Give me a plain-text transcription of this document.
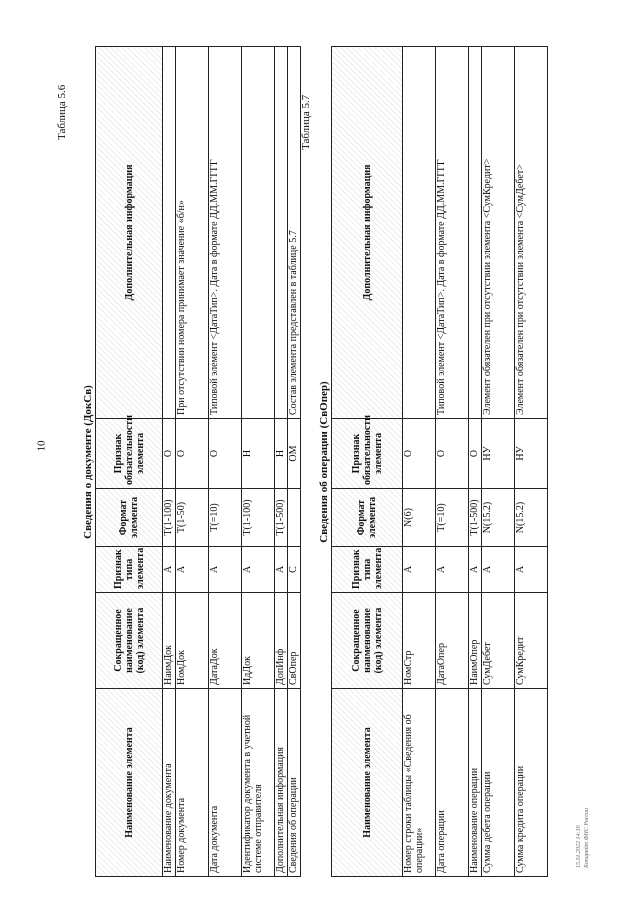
10
Таблица 5.6
Сведения о документе (ДокСв)
Наименование элемента	Сокращенное наименование (код) элемента	Признак типа элемента	Формат элемента	Признак обязательности элемента	Дополнительная информация
Наименование документа	НаимДок	А	Т(1-100)	О	
Номер документа	НомДок	А	Т(1-50)	О	При отсутствии номера принимает значение «б/н»
Дата документа	ДатаДок	А	Т(=10)	О	Типовой элемент <ДатаТип>. Дата в формате ДД.ММ.ГГГГ
Идентификатор документа в учетной системе отправителя	ИдДок	А	Т(1-100)	Н	
Дополнительная информация	ДопИнф	А	Т(1-500)	Н	
Сведения об операции	СвОпер	С		ОМ	Состав элемента представлен в таблице 5.7
Таблица 5.7
Сведения об операции (СвОпер)
Наименование элемента	Сокращенное наименование (код) элемента	Признак типа элемента	Формат элемента	Признак обязательности элемента	Дополнительная информация
Номер строки таблицы «Сведения об операции»	НомСтр	А	N(6)	О	
Дата операции	ДатаОпер	А	Т(=10)	О	Типовой элемент <ДатаТип>. Дата в формате ДД.ММ.ГГГГ
Наименование операции	НаимОпер	А	Т(1-500)	О	
Сумма дебета операции	СумДебет	А	N(15.2)	НУ	Элемент обязателен при отсутствии элемента <СумКредит>
Сумма кредита операции	СумКредит	А	N(15.2)	НУ	Элемент обязателен при отсутствии элемента <СумДебет>
15.01.2022 14:30 Копирайт ФНС России
